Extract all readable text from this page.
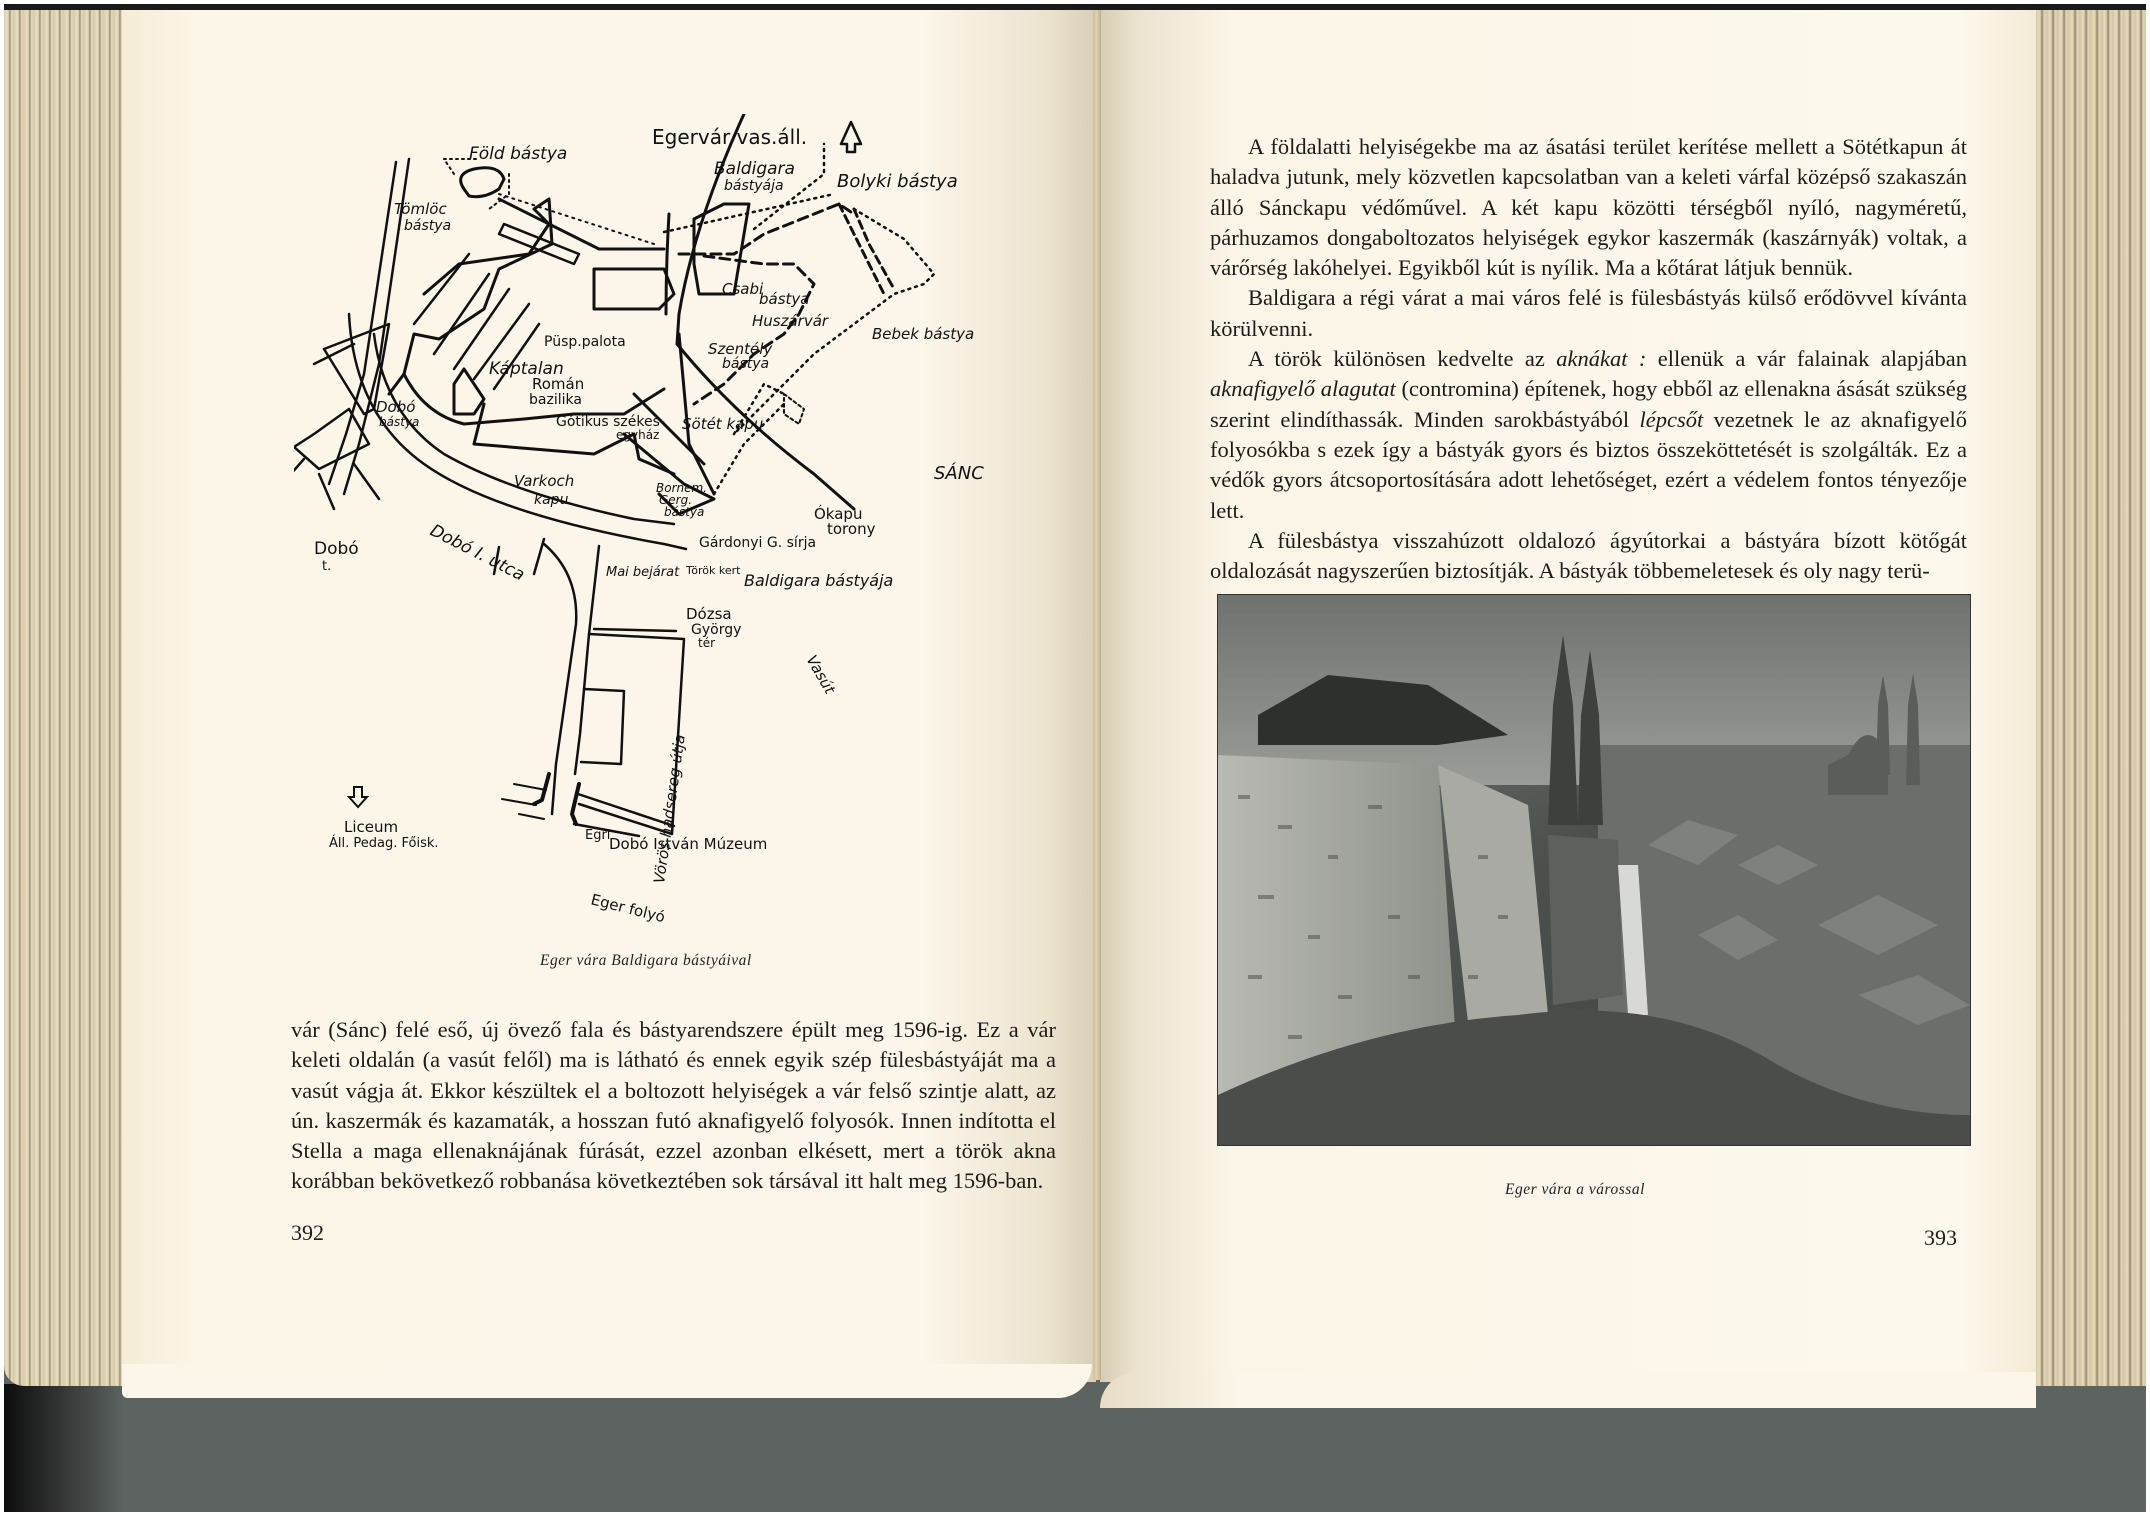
Egervár vas.áll.
Föld bástya
Tömlöc
bástya
Baldigara
bástyája	Bolyki bástya
Püsp.palota
Káptalan
Csabi
bástya
Huszárvár
Bebek bástya
Román
bazilika
Szentély
bástya
Dobó
bástya	Gótikus székes-
egyház
Sötét kapu
SÁNC
Varkoch
kapu
Bornem.
Gerg.
bástya	Ókapu
torony
Dobó
t.
Gárdonyi G. sírja
Dobó I. utca	Mai bejárat Török kert
Baldigara bástyája
Dózsa
György
tér
Vasút
Vörös hadsereg útja
Liceum
Áll. Pedag. Főisk.
Egri
Dobó István Múzeum
Eger folyó
Eger vára Baldigara bástyáival

vár (Sánc) felé eső, új övező fala és bástyarendszere épült meg 1596-ig. Ez a vár keleti oldalán (a vasút felől) ma is látható és ennek egyik szép fülesbástyáját ma a vasút vágja át. Ekkor készültek el a boltozott helyiségek a vár felső szintje alatt, az ún. kaszermák és kazamaták, a hosszan futó aknafigyelő folyosók. Innen indította el Stella a maga ellenaknájának fúrását, ezzel azonban elkésett, mert a török akna korábban bekövetkező robbanása következtében sok társával itt halt meg 1596-ban.

392

A földalatti helyiségekbe ma az ásatási terület kerítése mellett a Sötétkapun át haladva jutunk, mely közvetlen kapcsolatban van a keleti várfal középső szakaszán álló Sánckapu védőművel. A két kapu közötti térségből nyíló, nagyméretű, párhuzamos dongaboltozatos helyiségek egykor kaszermák (kaszárnyák) voltak, a várőrség lakóhelyei. Egyikből kút is nyílik. Ma a kőtárat látjuk bennük.

Baldigara a régi várat a mai város felé is fülesbástyás külső erődövvel kívánta körülvenni.

A török különösen kedvelte az aknákat : ellenük a vár falainak alapjában aknafigyelő alagutat (contromina) építenek, hogy ebből az ellenakna ásását szükség szerint elindíthassák. Minden sarokbástyából lépcsőt vezetnek le az aknafigyelő folyosókba s ezek így a bástyák gyors és biztos összeköttetését is szolgálták. Ez a védők gyors átcsoportosítására adott lehetőséget, ezért a védelem fontos tényezője lett.

A fülesbástya visszahúzott oldalozó ágyútorkai a bástyára bízott kötőgát oldalozását nagyszerűen biztosítják. A bástyák többemeletesek és oly nagy terü-

Eger vára a várossal
393
